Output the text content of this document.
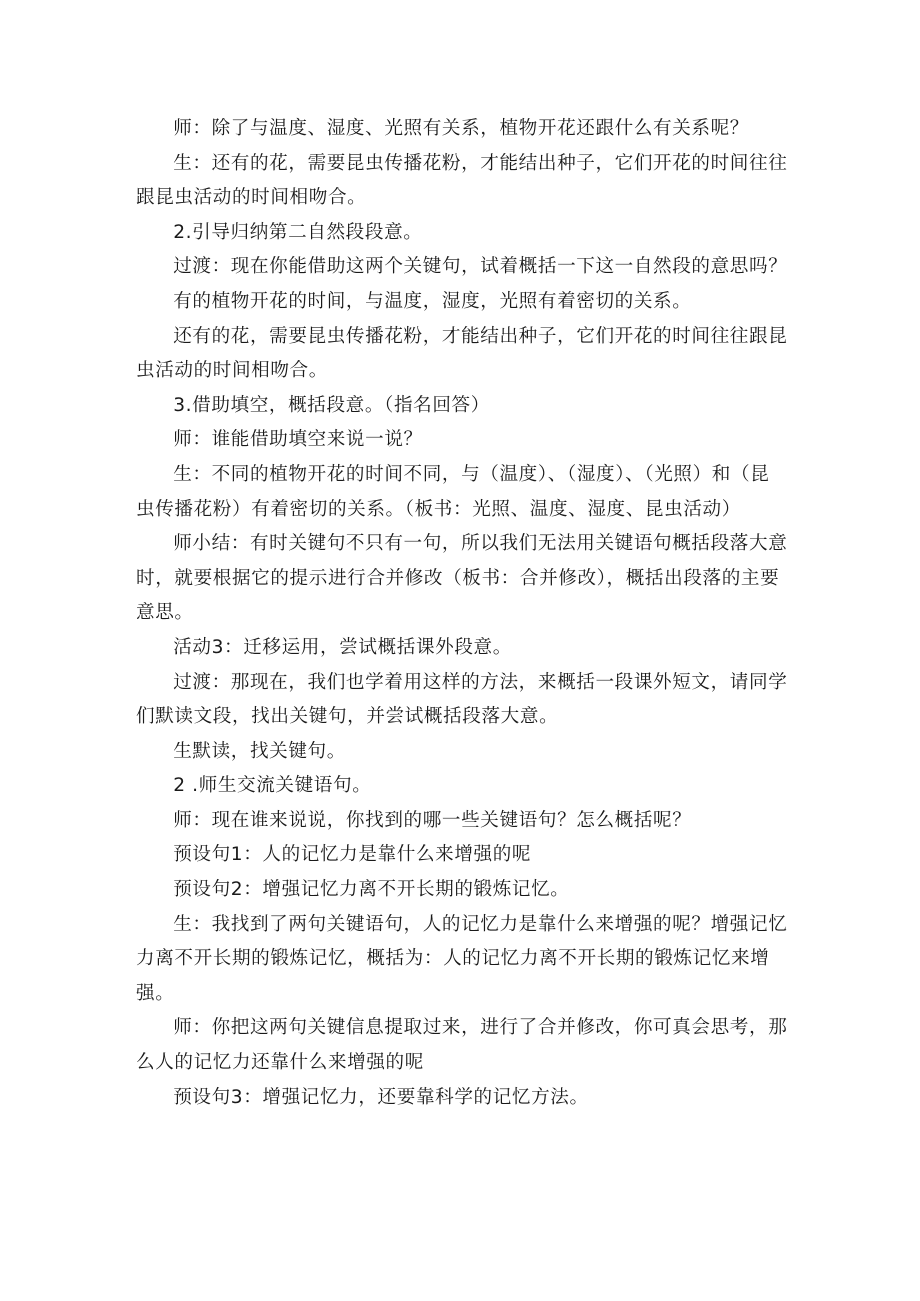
师：除了与温度、湿度、光照有关系，植物开花还跟什么有关系呢？

生：还有的花，需要昆虫传播花粉，才能结出种子，它们开花的时间往往跟昆虫活动的时间相吻合。

2.引导归纳第二自然段段意。

过渡：现在你能借助这两个关键句，试着概括一下这一自然段的意思吗？

有的植物开花的时间，与温度，湿度，光照有着密切的关系。

还有的花，需要昆虫传播花粉，才能结出种子，它们开花的时间往往跟昆虫活动的时间相吻合。

3.借助填空，概括段意。（指名回答）

师：谁能借助填空来说一说？

生：不同的植物开花的时间不同，与（温度）、（湿度）、（光照）和（昆虫传播花粉）有着密切的关系。（板书：光照、温度、湿度、昆虫活动）

师小结：有时关键句不只有一句，所以我们无法用关键语句概括段落大意时，就要根据它的提示进行合并修改（板书：合并修改），概括出段落的主要意思。

活动3：迁移运用，尝试概括课外段意。

过渡：那现在，我们也学着用这样的方法，来概括一段课外短文，请同学们默读文段，找出关键句，并尝试概括段落大意。

生默读，找关键句。

2 .师生交流关键语句。

师：现在谁来说说，你找到的哪一些关键语句？怎么概括呢？

预设句1：人的记忆力是靠什么来增强的呢

预设句2：增强记忆力离不开长期的锻炼记忆。

生：我找到了两句关键语句，人的记忆力是靠什么来增强的呢？增强记忆力离不开长期的锻炼记忆，概括为：人的记忆力离不开长期的锻炼记忆来增强。

师：你把这两句关键信息提取过来，进行了合并修改，你可真会思考，那么人的记忆力还靠什么来增强的呢

预设句3：增强记忆力，还要靠科学的记忆方法。
